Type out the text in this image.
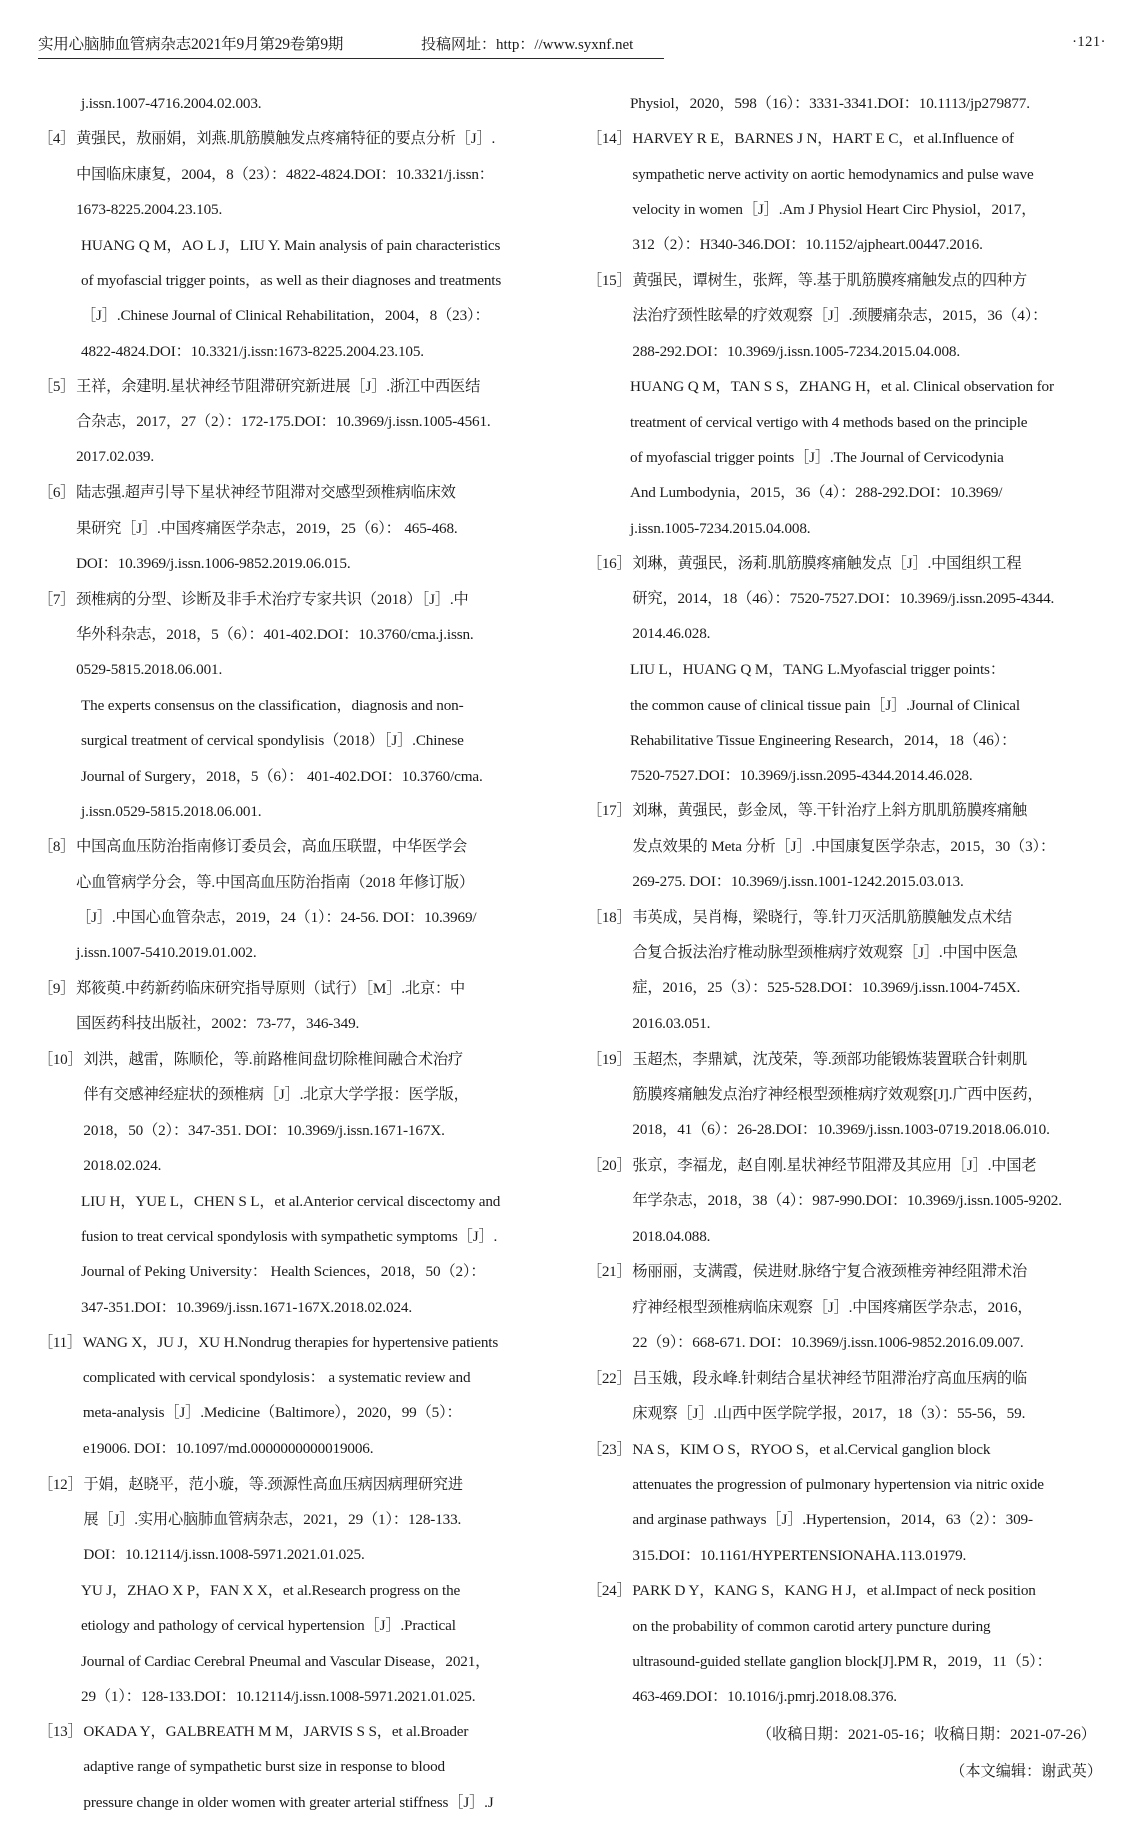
实用心脑肺血管病杂志2021年9月第29卷第9期	投稿网址：http：//www.syxnf.net	·121·
j.issn.1007-4716.2004.02.003.
［4］ 黄强民，敖丽娟，刘燕.肌筋膜触发点疼痛特征的要点分析［J］.
中国临床康复，2004，8（23）：4822-4824.DOI：10.3321/j.issn：
1673-8225.2004.23.105.
HUANG Q M，AO L J，LIU Y. Main analysis of pain characteristics
of myofascial trigger points，as well as their diagnoses and treatments
［J］.Chinese Journal of Clinical Rehabilitation，2004，8（23）：
4822-4824.DOI：10.3321/j.issn:1673-8225.2004.23.105.
［5］ 王祥，余建明.星状神经节阻滞研究新进展［J］.浙江中西医结
合杂志，2017，27（2）：172-175.DOI：10.3969/j.issn.1005-4561.
2017.02.039.
［6］ 陆志强.超声引导下星状神经节阻滞对交感型颈椎病临床效
果研究［J］.中国疼痛医学杂志，2019，25（6）： 465-468.
DOI：10.3969/j.issn.1006-9852.2019.06.015.
［7］ 颈椎病的分型、诊断及非手术治疗专家共识（2018）［J］.中
华外科杂志，2018，5（6）：401-402.DOI：10.3760/cma.j.issn.
0529-5815.2018.06.001.
The experts consensus on the classification，diagnosis and non-
surgical treatment of cervical spondylisis（2018）［J］.Chinese
Journal of Surgery，2018，5（6）： 401-402.DOI：10.3760/cma.
j.issn.0529-5815.2018.06.001.
［8］ 中国高血压防治指南修订委员会，高血压联盟，中华医学会
心血管病学分会，等.中国高血压防治指南（2018 年修订版）
［J］.中国心血管杂志，2019，24（1）：24-56. DOI：10.3969/
j.issn.1007-5410.2019.01.002.
［9］ 郑筱萸.中药新药临床研究指导原则（试行）［M］.北京：中
国医药科技出版社，2002：73-77，346-349.
［10］ 刘洪，越雷，陈顺伦，等.前路椎间盘切除椎间融合术治疗
伴有交感神经症状的颈椎病［J］.北京大学学报：医学版，
2018，50（2）：347-351. DOI：10.3969/j.issn.1671-167X.
2018.02.024.
LIU H，YUE L，CHEN S L，et al.Anterior cervical discectomy and
fusion to treat cervical spondylosis with sympathetic symptoms［J］.
Journal of Peking University： Health Sciences，2018，50（2）：
347-351.DOI：10.3969/j.issn.1671-167X.2018.02.024.
［11］ WANG X，JU J，XU H.Nondrug therapies for hypertensive patients
complicated with cervical spondylosis： a systematic review and
meta-analysis［J］.Medicine（Baltimore），2020，99（5）：
e19006. DOI：10.1097/md.0000000000019006.
［12］ 于娟，赵晓平，范小璇，等.颈源性高血压病因病理研究进
展［J］.实用心脑肺血管病杂志，2021，29（1）：128-133.
DOI：10.12114/j.issn.1008-5971.2021.01.025.
YU J，ZHAO X P，FAN X X，et al.Research progress on the
etiology and pathology of cervical hypertension［J］.Practical
Journal of Cardiac Cerebral Pneumal and Vascular Disease，2021，
29（1）：128-133.DOI：10.12114/j.issn.1008-5971.2021.01.025.
［13］ OKADA Y，GALBREATH M M，JARVIS S S，et al.Broader
adaptive range of sympathetic burst size in response to blood
pressure change in older women with greater arterial stiffness［J］.J
Physiol，2020，598（16）：3331-3341.DOI：10.1113/jp279877.
［14］ HARVEY R E，BARNES J N，HART E C，et al.Influence of
sympathetic nerve activity on aortic hemodynamics and pulse wave
velocity in women［J］.Am J Physiol Heart Circ Physiol，2017，
312（2）：H340-346.DOI：10.1152/ajpheart.00447.2016.
［15］ 黄强民，谭树生，张辉，等.基于肌筋膜疼痛触发点的四种方
法治疗颈性眩晕的疗效观察［J］.颈腰痛杂志，2015，36（4）：
288-292.DOI：10.3969/j.issn.1005-7234.2015.04.008.
HUANG Q M，TAN S S，ZHANG H，et al. Clinical observation for
treatment of cervical vertigo with 4 methods based on the principle
of myofascial trigger points［J］.The Journal of Cervicodynia
And Lumbodynia，2015，36（4）：288-292.DOI：10.3969/
j.issn.1005-7234.2015.04.008.
［16］ 刘琳，黄强民，汤莉.肌筋膜疼痛触发点［J］.中国组织工程
研究，2014，18（46）：7520-7527.DOI：10.3969/j.issn.2095-4344.
2014.46.028.
LIU L，HUANG Q M，TANG L.Myofascial trigger points：
the common cause of clinical tissue pain［J］.Journal of Clinical
Rehabilitative Tissue Engineering Research，2014，18（46）：
7520-7527.DOI：10.3969/j.issn.2095-4344.2014.46.028.
［17］ 刘琳，黄强民，彭金凤，等.干针治疗上斜方肌肌筋膜疼痛触
发点效果的 Meta 分析［J］.中国康复医学杂志，2015，30（3）：
269-275. DOI：10.3969/j.issn.1001-1242.2015.03.013.
［18］ 韦英成，吴肖梅，梁晓行，等.针刀灭活肌筋膜触发点术结
合复合扳法治疗椎动脉型颈椎病疗效观察［J］.中国中医急
症，2016，25（3）：525-528.DOI：10.3969/j.issn.1004-745X.
2016.03.051.
［19］ 玉超杰，李鼎斌，沈茂荣，等.颈部功能锻炼装置联合针刺肌
筋膜疼痛触发点治疗神经根型颈椎病疗效观察[J].广西中医药，
2018，41（6）：26-28.DOI：10.3969/j.issn.1003-0719.2018.06.010.
［20］ 张京，李福龙，赵自刚.星状神经节阻滞及其应用［J］.中国老
年学杂志，2018，38（4）：987-990.DOI：10.3969/j.issn.1005-9202.
2018.04.088.
［21］ 杨丽丽，支满霞，侯进财.脉络宁复合液颈椎旁神经阻滞术治
疗神经根型颈椎病临床观察［J］.中国疼痛医学杂志，2016，
22（9）：668-671. DOI：10.3969/j.issn.1006-9852.2016.09.007.
［22］ 吕玉娥，段永峰.针刺结合星状神经节阻滞治疗高血压病的临
床观察［J］.山西中医学院学报，2017，18（3）：55-56，59.
［23］ NA S，KIM O S，RYOO S，et al.Cervical ganglion block
attenuates the progression of pulmonary hypertension via nitric oxide
and arginase pathways［J］.Hypertension，2014，63（2）：309-
315.DOI：10.1161/HYPERTENSIONAHA.113.01979.
［24］ PARK D Y，KANG S，KANG H J，et al.Impact of neck position
on the probability of common carotid artery puncture during
ultrasound-guided stellate ganglion block[J].PM R，2019，11（5）：
463-469.DOI：10.1016/j.pmrj.2018.08.376.
（收稿日期：2021-05-16；收稿日期：2021-07-26）
（本文编辑：谢武英）
